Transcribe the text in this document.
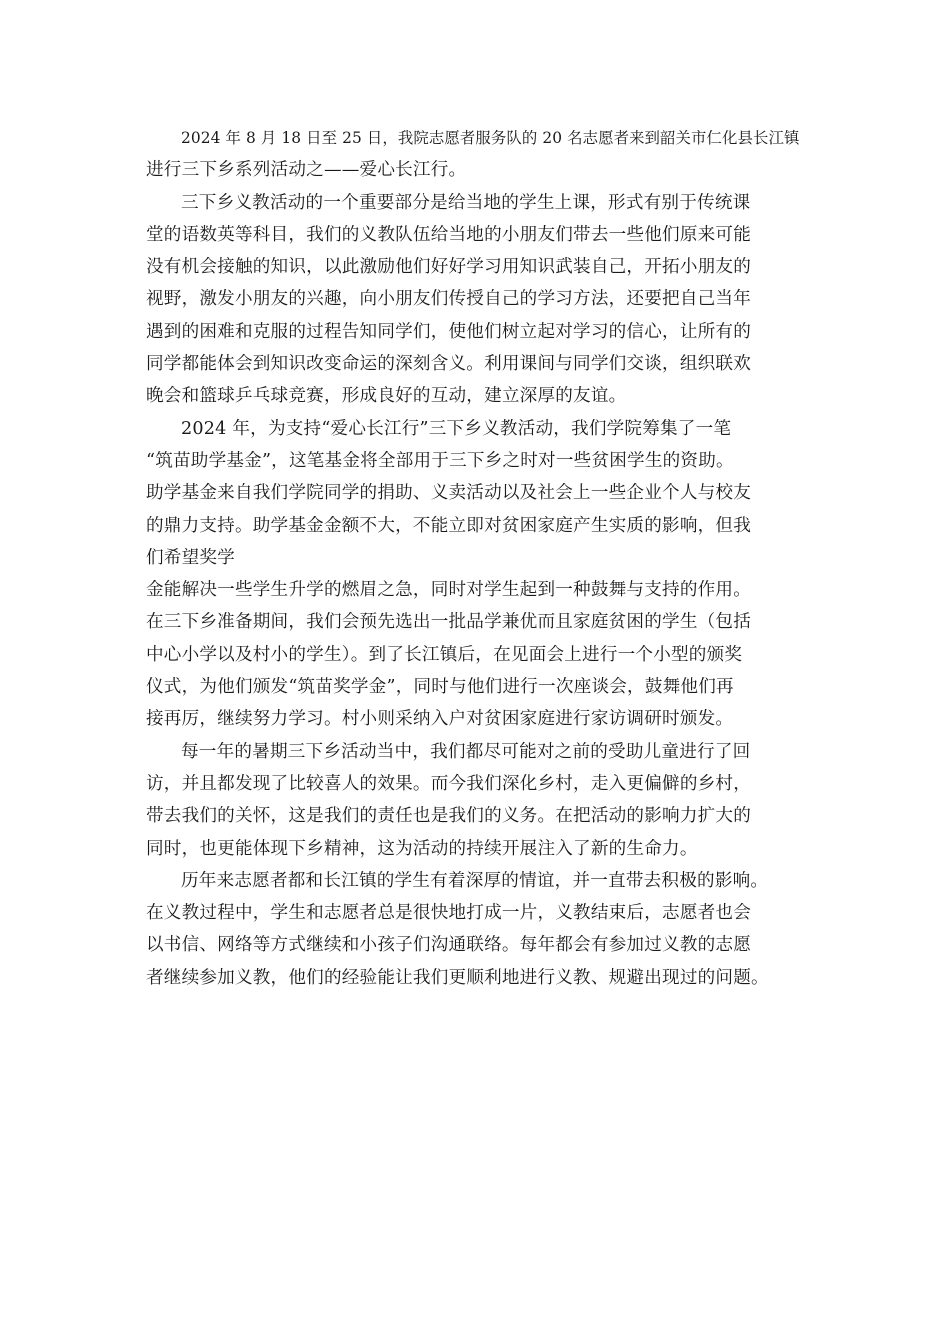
2024 年 8 月 18 日至 25 日，我院志愿者服务队的 20 名志愿者来到韶关市仁化县长江镇
进行三下乡系列活动之——爱心长江行。
三下乡义教活动的一个重要部分是给当地的学生上课，形式有别于传统课
堂的语数英等科目，我们的义教队伍给当地的小朋友们带去一些他们原来可能
没有机会接触的知识，以此激励他们好好学习用知识武装自己，开拓小朋友的
视野，激发小朋友的兴趣，向小朋友们传授自己的学习方法，还要把自己当年
遇到的困难和克服的过程告知同学们，使他们树立起对学习的信心，让所有的
同学都能体会到知识改变命运的深刻含义。利用课间与同学们交谈，组织联欢
晚会和篮球乒乓球竞赛，形成良好的互动，建立深厚的友谊。
2024 年，为支持“爱心长江行”三下乡义教活动，我们学院筹集了一笔
“筑苗助学基金”，这笔基金将全部用于三下乡之时对一些贫困学生的资助。
助学基金来自我们学院同学的捐助、义卖活动以及社会上一些企业个人与校友
的鼎力支持。助学基金金额不大，不能立即对贫困家庭产生实质的影响，但我
们希望奖学
金能解决一些学生升学的燃眉之急，同时对学生起到一种鼓舞与支持的作用。
在三下乡准备期间，我们会预先选出一批品学兼优而且家庭贫困的学生（包括
中心小学以及村小的学生）。到了长江镇后，在见面会上进行一个小型的颁奖
仪式，为他们颁发“筑苗奖学金”，同时与他们进行一次座谈会，鼓舞他们再
接再厉，继续努力学习。村小则采纳入户对贫困家庭进行家访调研时颁发。
每一年的暑期三下乡活动当中，我们都尽可能对之前的受助儿童进行了回
访，并且都发现了比较喜人的效果。而今我们深化乡村，走入更偏僻的乡村，
带去我们的关怀，这是我们的责任也是我们的义务。在把活动的影响力扩大的
同时，也更能体现下乡精神，这为活动的持续开展注入了新的生命力。
历年来志愿者都和长江镇的学生有着深厚的情谊，并一直带去积极的影响。
在义教过程中，学生和志愿者总是很快地打成一片，义教结束后，志愿者也会
以书信、网络等方式继续和小孩子们沟通联络。每年都会有参加过义教的志愿
者继续参加义教，他们的经验能让我们更顺利地进行义教、规避出现过的问题。
